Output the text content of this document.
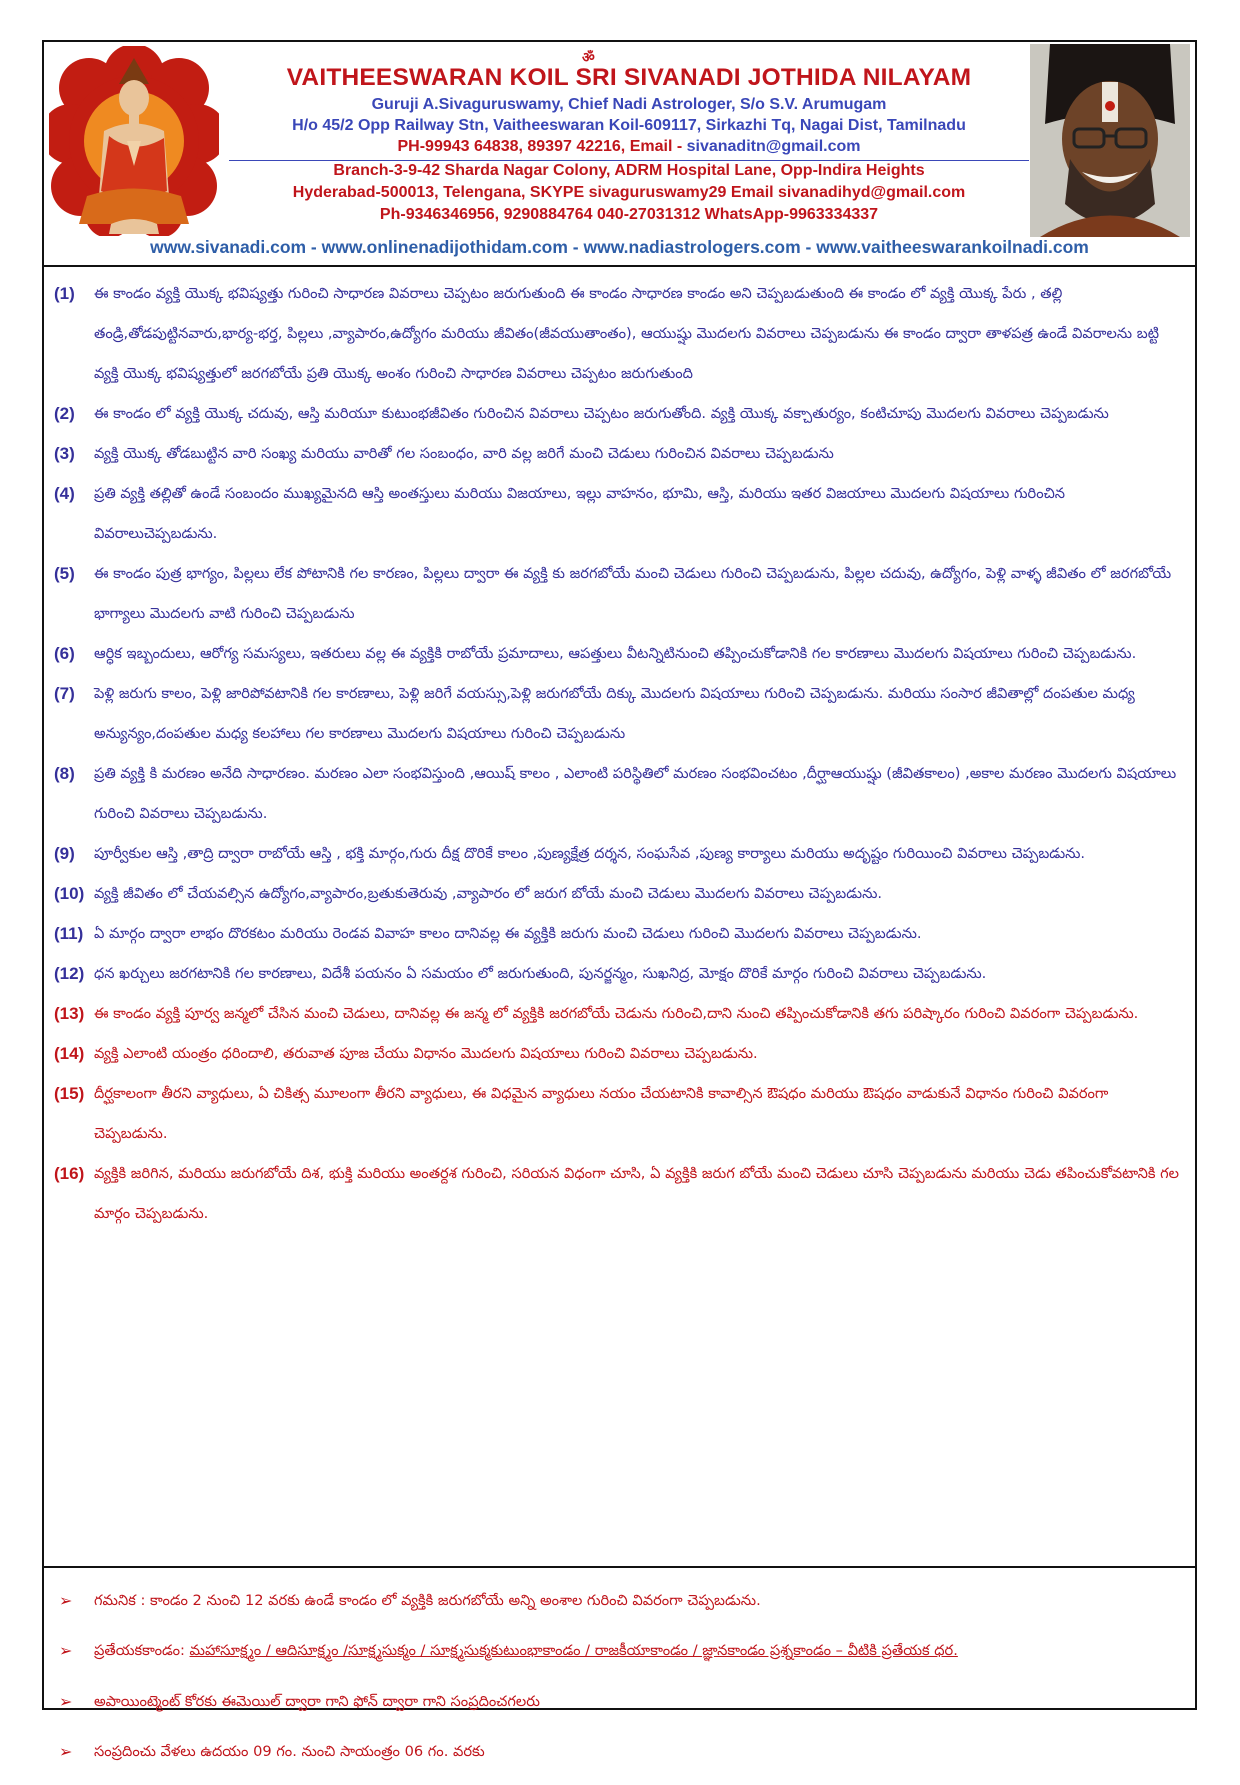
ॐ
VAITHEESWARAN KOIL SRI SIVANADI JOTHIDA NILAYAM
Guruji A.Sivaguruswamy, Chief Nadi Astrologer, S/o S.V. Arumugam
H/o 45/2 Opp Railway Stn, Vaitheeswaran Koil-609117, Sirkazhi Tq, Nagai Dist, Tamilnadu
PH-99943 64838, 89397 42216, Email - sivanaditn@gmail.com
Branch-3-9-42 Sharda Nagar Colony, ADRM Hospital Lane, Opp-Indira Heights
Hyderabad-500013, Telengana, SKYPE sivaguruswamy29 Email sivanadihyd@gmail.com
Ph-9346346956, 9290884764 040-27031312 WhatsApp-9963334337
www.sivanadi.com - www.onlinenadijothidam.com - www.nadiastrologers.com - www.vaitheeswarankoilnadi.com

(1) ఈ కాండం వ్యక్తి యొక్క భవిష్యత్తు గురించి సాధారణ వివరాలు చెప్పటం జరుగుతుంది ఈ కాండం సాధారణ కాండం అని చెప్పబడుతుంది ఈ కాండం లో వ్యక్తి యొక్క పేరు , తల్లి తండ్రి,తోడపుట్టినవారు,భార్య-భర్త, పిల్లలు ,వ్యాపారం,ఉద్యోగం మరియు జీవితం(జీవయుతాంతం), ఆయుష్షు మొదలగు వివరాలు చెప్పబడును ఈ కాండం ద్వారా తాళపత్ర ఉండే వివరాలను బట్టి వ్యక్తి యొక్క భవిష్యత్తులో జరగబోయే ప్రతి యొక్క అంశం గురించి సాధారణ వివరాలు చెప్పటం జరుగుతుంది

(2) ఈ కాండం లో వ్యక్తి యొక్క చదువు, ఆస్తి మరియూ కుటుంభజీవితం గురించిన వివరాలు చెప్పటం జరుగుతోంది. వ్యక్తి యొక్క వక్చాతుర్యం, కంటిచూపు మొదలగు వివరాలు చెప్పబడును

(3) వ్యక్తి యొక్క తోడబుట్టిన వారి సంఖ్య మరియు వారితో గల సంబంధం, వారి వల్ల జరిగే మంచి చెడులు గురించిన వివరాలు చెప్పబడును

(4) ప్రతి వ్యక్తి తల్లితో ఉండే సంబందం ముఖ్యమైనది ఆస్తి అంతస్తులు మరియు విజయాలు, ఇల్లు వాహనం, భూమి, ఆస్తి, మరియు ఇతర విజయాలు మొదలగు విషయాలు గురించిన వివరాలుచెప్పబడును.

(5) ఈ కాండం పుత్ర భాగ్యం, పిల్లలు లేక పోటానికి గల కారణం, పిల్లలు ద్వారా ఈ వ్యక్తి కు జరగబోయే మంచి చెడులు గురించి చెప్పబడును, పిల్లల చదువు, ఉద్యోగం, పెళ్లి వాళ్ళ జీవితం లో జరగబోయే భాగ్యాలు మొదలగు వాటి గురించి చెప్పబడును

(6) ఆర్ధిక ఇబ్బందులు, ఆరోగ్య సమస్యలు, ఇతరులు వల్ల ఈ వ్యక్తికి రాబోయే ప్రమాదాలు, ఆపత్తులు వీటన్నిటినుంచి తప్పించుకోడానికి గల కారణాలు మొదలగు విషయాలు గురించి చెప్పబడును.

(7) పెళ్లి జరుగు కాలం, పెళ్లి జారిపోవటానికి గల కారణాలు, పెళ్లి జరిగే వయస్సు,పెళ్లి జరుగబోయే దిక్కు మొదలగు విషయాలు గురించి చెప్పబడును. మరియు సంసార జీవితాల్లో దంపతుల మధ్య అన్యున్యం,దంపతుల మధ్య కలహాలు గల కారణాలు మొదలగు విషయాలు గురించి చెప్పబడును

(8) ప్రతి వ్యక్తి కి మరణం అనేది సాధారణం. మరణం ఎలా సంభవిస్తుంది ,ఆయిష్ కాలం , ఎలాంటి పరిస్థితిలో మరణం సంభవించటం ,దీర్ఘాఆయుష్షు (జీవితకాలం) ,అకాల మరణం మొదలగు విషయాలు గురించి వివరాలు చెప్పబడును.

(9) పూర్వీకుల ఆస్తి ,తాద్రి ద్వారా రాబోయే ఆస్తి , భక్తి మార్గం,గురు దీక్ష దొరికే కాలం ,పుణ్యక్షేత్ర దర్శన, సంఘసేవ ,పుణ్య కార్యాలు మరియు అదృష్టం గురియించి వివరాలు చెప్పబడును.

(10) వ్యక్తి జీవితం లో చేయవల్సిన ఉద్యోగం,వ్యాపారం,బ్రతుకుతెరువు ,వ్యాపారం లో జరుగ బోయే మంచి చెడులు మొదలగు వివరాలు చెప్పబడును.

(11) ఏ మార్గం ద్వారా లాభం దొరకటం మరియు రెండవ వివాహ కాలం దానివల్ల ఈ వ్యక్తికి జరుగు మంచి చెడులు గురించి మొదలగు వివరాలు చెప్పబడును.

(12) ధన ఖర్చులు జరగటానికి గల కారణాలు, విదేశీ పయనం ఏ సమయం లో జరుగుతుంది, పునర్జన్మం, సుఖనిద్ర, మోక్షం దొరికే మార్గం గురించి వివరాలు చెప్పబడును.

(13) ఈ కాండం వ్యక్తి పూర్వ జన్మలో చేసిన మంచి చెడులు, దానివల్ల ఈ జన్మ లో వ్యక్తికి జరగబోయే చెడును గురించి,దాని నుంచి తప్పించుకోడానికి తగు పరిష్కారం గురించి వివరంగా చెప్పబడును.

(14) వ్యక్తి ఎలాంటి యంత్రం ధరిందాలి, తరువాత పూజ చేయు విధానం మొదలగు విషయాలు గురించి వివరాలు చెప్పబడును.

(15) దీర్ఘకాలంగా తీరని వ్యాధులు, ఏ చికిత్స మూలంగా తీరని వ్యాధులు, ఈ విధమైన వ్యాధులు నయం చేయటానికి కావాల్సిన ఔషధం మరియు ఔషధం వాడుకునే విధానం గురించి వివరంగా చెప్పబడును.

(16) వ్యక్తికి జరిగిన, మరియు జరుగబోయే దిశ, భుక్తి మరియు అంతర్దశ గురించి, సరియన విధంగా చూసి, ఏ వ్యక్తికి జరుగ బోయే మంచి చెడులు చూసి చెప్పబడును మరియు చెడు తపించుకోవటానికి గల మార్గం చెప్పబడును.

➢ గమనిక : కాండం 2 నుంచి 12 వరకు ఉండే కాండం లో వ్యక్తికి జరుగబోయే అన్ని అంశాల గురించి వివరంగా చెప్పబడును.

➢ ప్రతేయకకాండం: మహాసూక్ష్మం / ఆదిసూక్ష్మం /సూక్ష్మసుక్మం / సూక్ష్మసుక్మకుటుంభాకాండం / రాజకీయాకాండం / జ్ఞానకాండం ప్రశ్నకాండం – వీటికి ప్రతేయక ధర.

➢ అపాయింట్మెంట్ కోరకు ఈమెయిల్ ద్వారా గాని ఫోన్ ద్వారా గాని సంప్రదించగలరు

➢ సంప్రదించు వేళలు ఉదయం 09 గం. నుంచి సాయంత్రం 06 గం. వరకు
